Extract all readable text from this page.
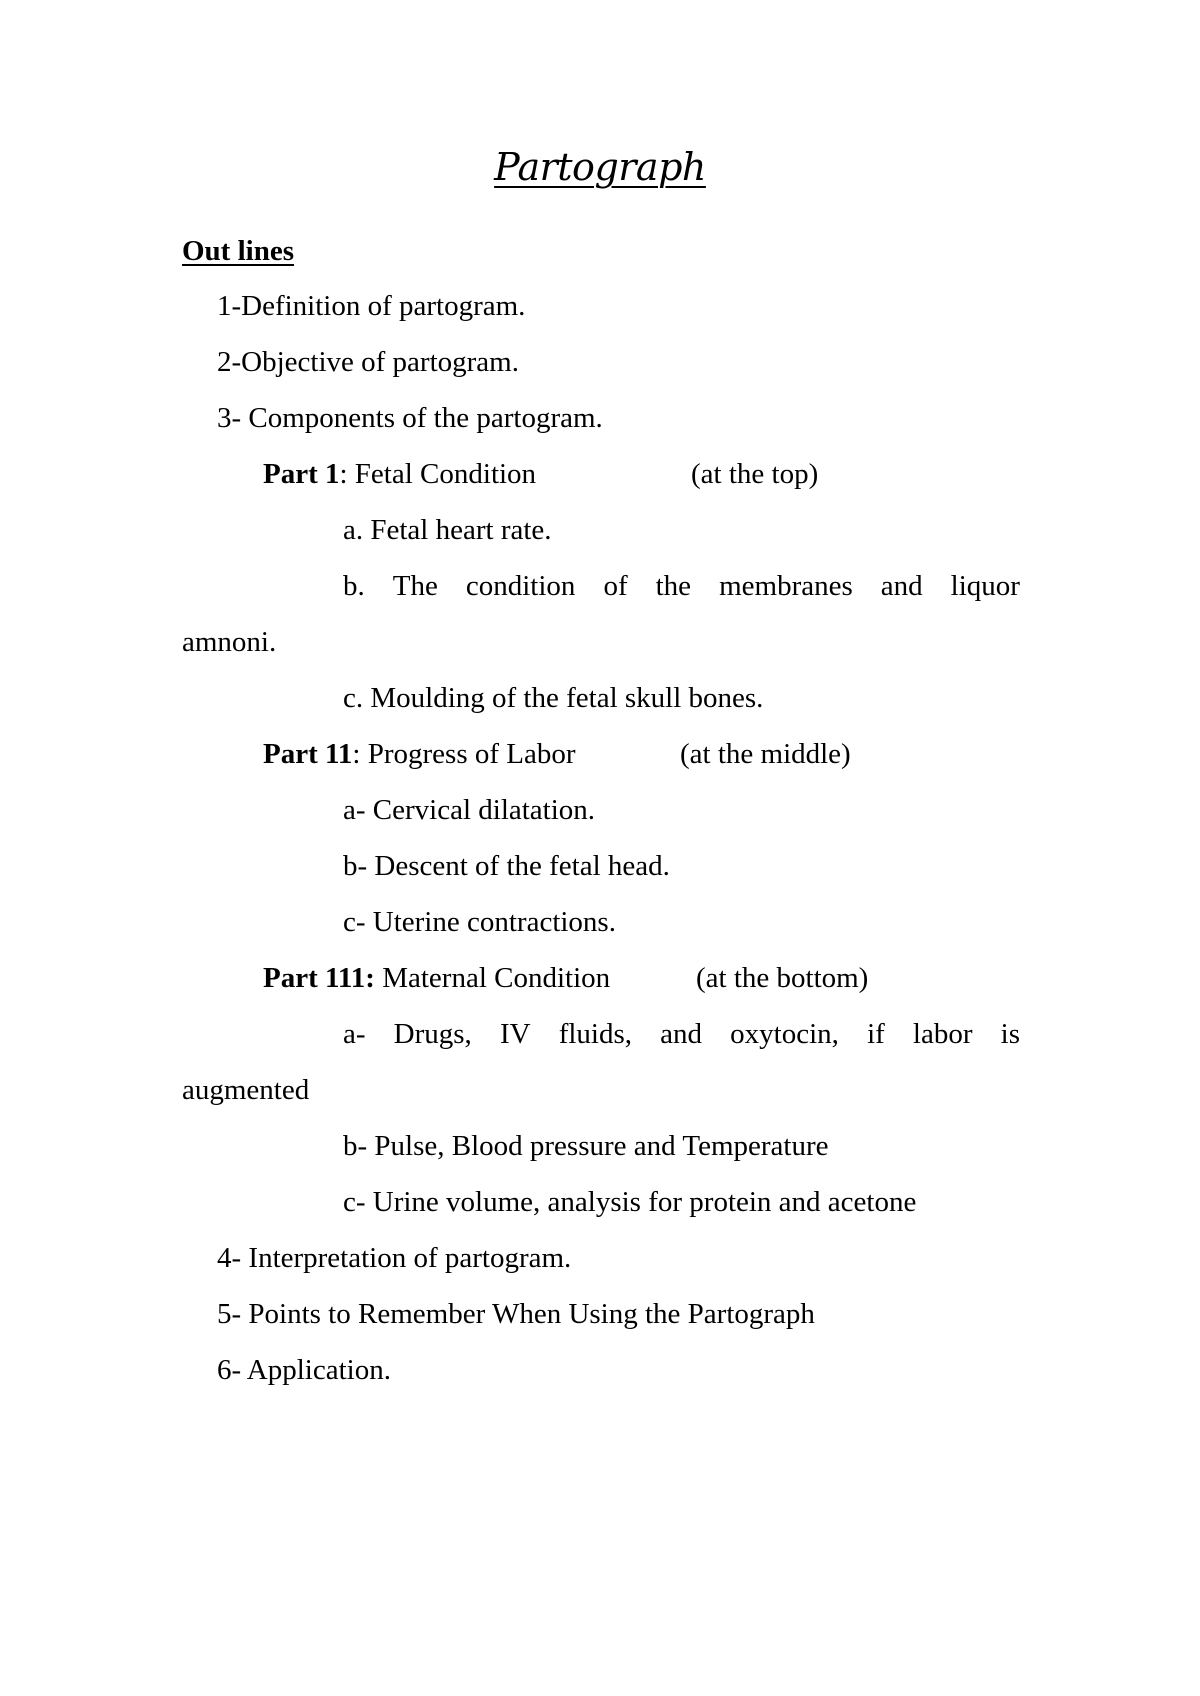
Partograph
Out lines
1-Definition of partogram.
2-Objective of partogram.
3- Components of the partogram.
Part 1: Fetal Condition	(at the top)
a. Fetal heart rate.
b. The condition of the membranes and liquor
amnoni.
c. Moulding of the fetal skull bones.
Part 11: Progress of Labor	(at the middle)
a- Cervical dilatation.
b- Descent of the fetal head.
c- Uterine contractions.
Part 111: Maternal Condition	(at the bottom)
a- Drugs, IV fluids, and oxytocin, if labor is
augmented
b- Pulse, Blood pressure and Temperature
c- Urine volume, analysis for protein and acetone
4- Interpretation of partogram.
5- Points to Remember When Using the Partograph
6- Application.
